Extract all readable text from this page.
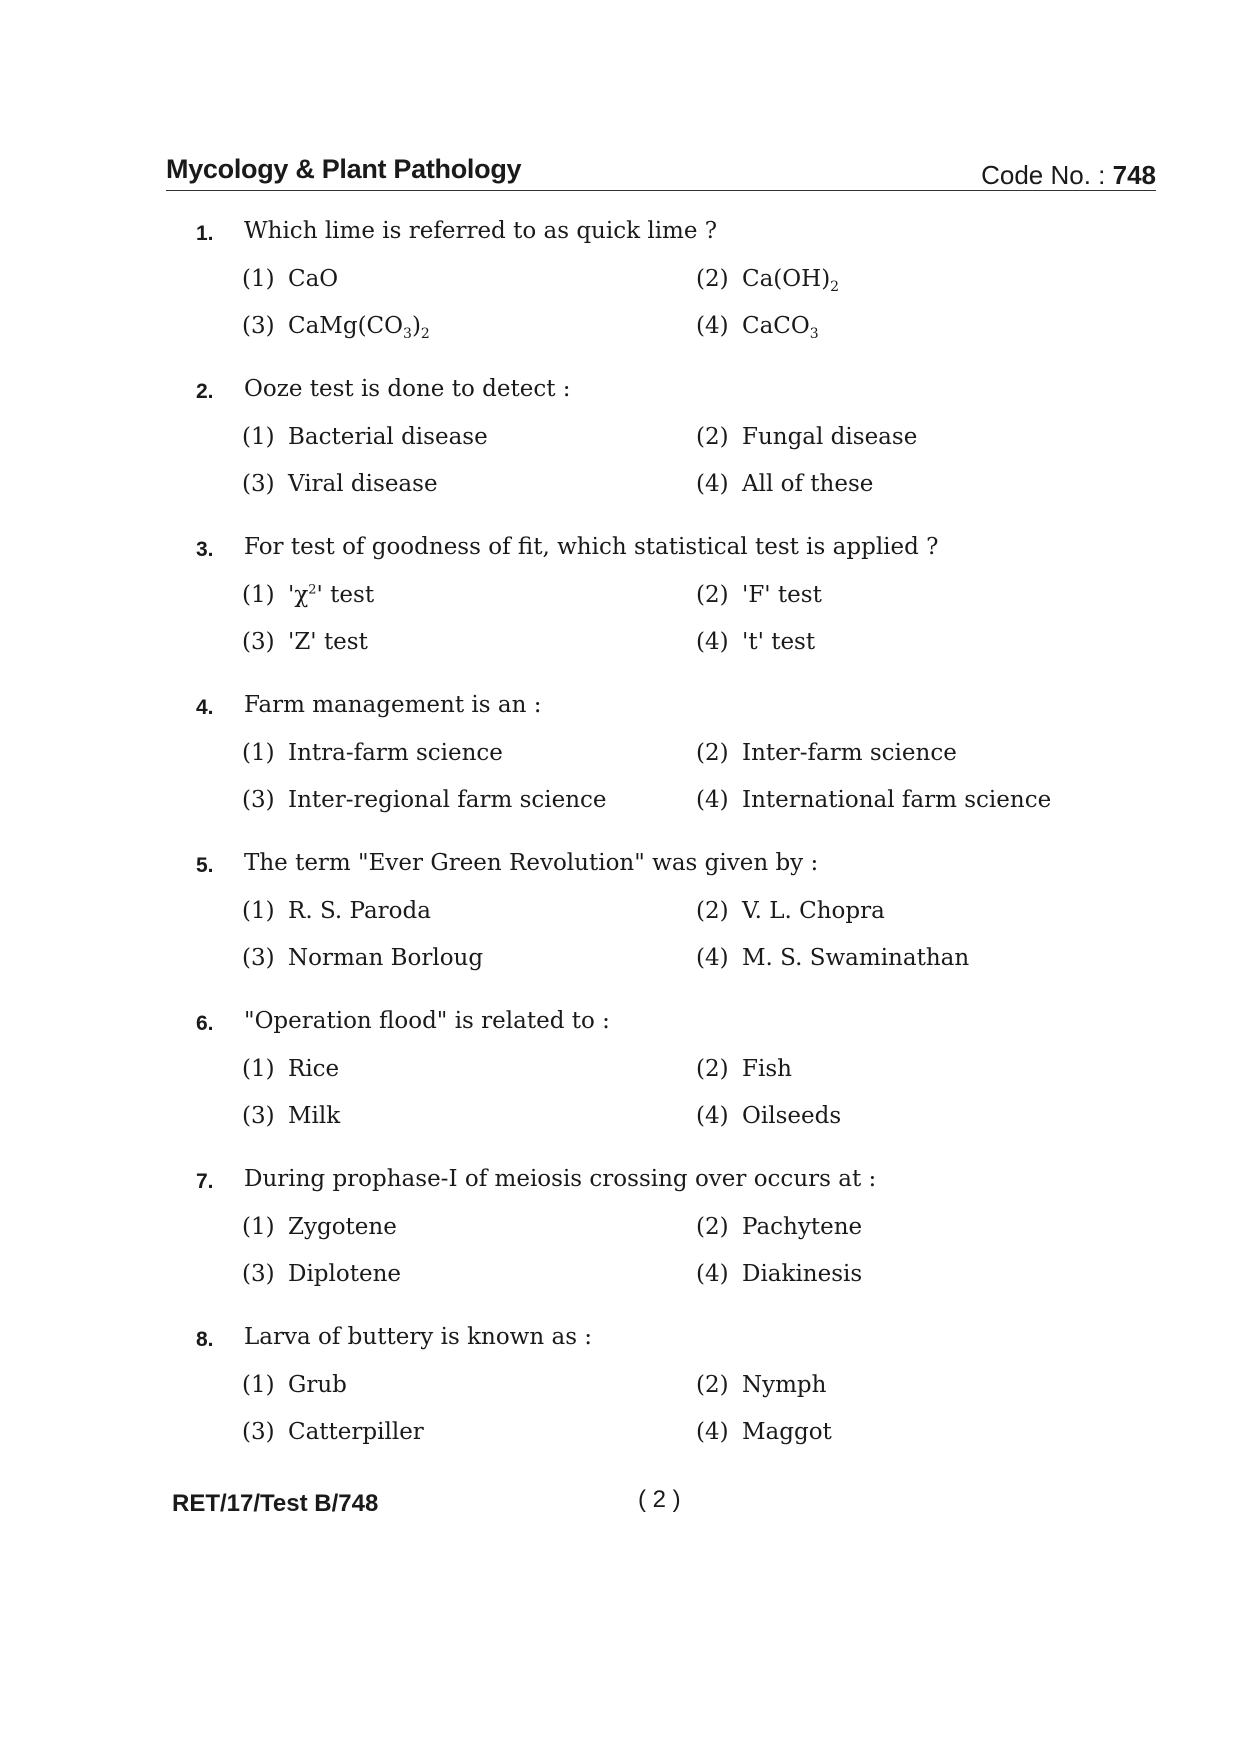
Mycology & Plant Pathology	Code No. : 748
1. Which lime is referred to as quick lime ?
(1) CaO	(2) $Ca(OH)_2$
(3) $CaMg(CO_3)_2$	(4) CaCO$_3$
2. Ooze test is done to detect :
(1) Bacterial disease	(2) Fungal disease
(3) Viral disease	(4) All of these
3. For test of goodness of fit, which statistical test is applied ?
(1) '$\chi^2$' test	(2) 'F' test
(3) 'Z' test	(4) 't' test
4. Farm management is an :
(1) Intra-farm science	(2) Inter-farm science
(3) Inter-regional farm science	(4) International farm science
5. The term "Ever Green Revolution" was given by :
(1) R. S. Paroda	(2) V. L. Chopra
(3) Norman Borloug	(4) M. S. Swaminathan
6. "Operation flood" is related to :
(1) Rice	(2) Fish
(3) Milk	(4) Oilseeds
7. During prophase-I of meiosis crossing over occurs at :
(1) Zygotene	(2) Pachytene
(3) Diplotene	(4) Diakinesis
8. Larva of buttery is known as :
(1) Grub	(2) Nymph
(3) Catterpiller	(4) Maggot
RET/17/Test B/748	( 2 )
